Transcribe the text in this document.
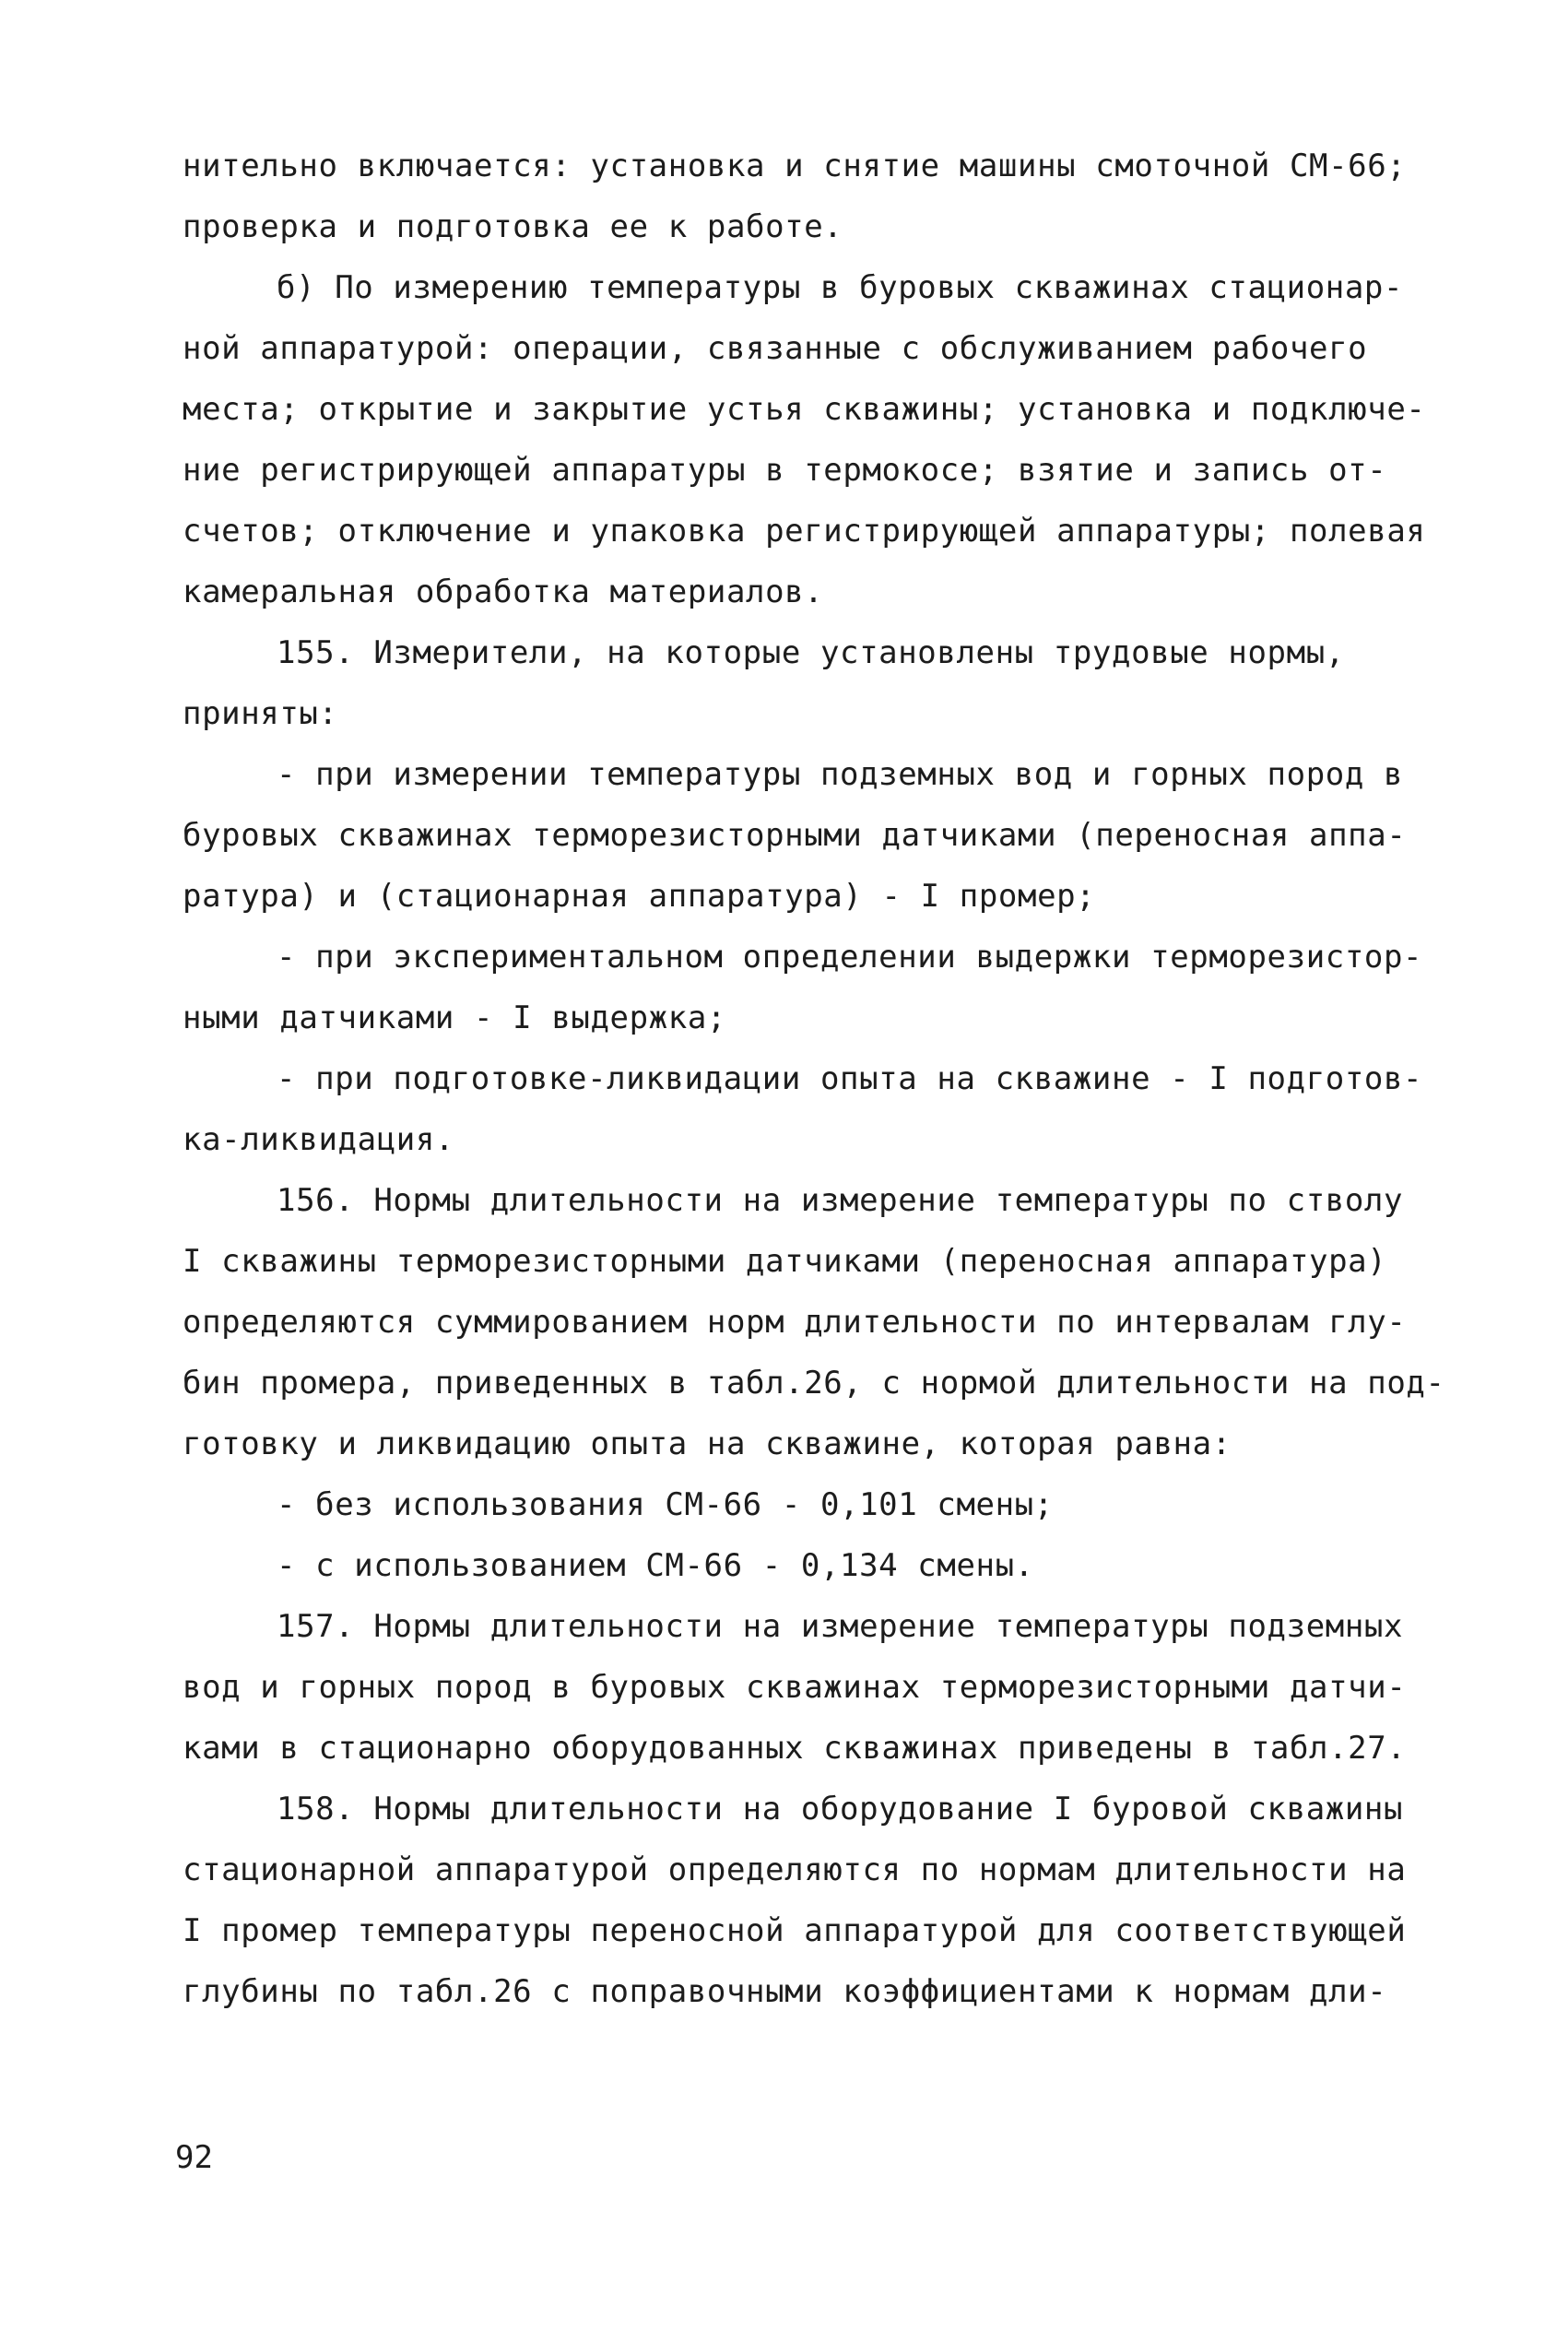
нительно включается: установка и снятие машины смоточной СМ-66;
проверка и подготовка ее к работе.
б) По измерению температуры в буровых скважинах стационар-
ной аппаратурой: операции, связанные с обслуживанием рабочего
места; открытие и закрытие устья скважины; установка и подключе-
ние регистрирующей аппаратуры в термокосе; взятие и запись от-
счетов; отключение и упаковка регистрирующей аппаратуры; полевая
камеральная обработка материалов.
155. Измерители, на которые установлены трудовые нормы,
приняты:
- при измерении температуры подземных вод и горных пород в
буровых скважинах терморезисторными датчиками (переносная аппа-
ратура) и (стационарная аппаратура) - I промер;
- при экспериментальном определении выдержки терморезистор-
ными датчиками - I выдержка;
- при подготовке-ликвидации опыта на скважине - I подготов-
ка-ликвидация.
156. Нормы длительности на измерение температуры по стволу
I скважины терморезисторными датчиками (переносная аппаратура)
определяются суммированием норм длительности по интервалам глу-
бин промера, приведенных в табл.26, с нормой длительности на под-
готовку и ликвидацию опыта на скважине, которая равна:
- без использования СМ-66 - 0,101 смены;
- с использованием СМ-66 - 0,134 смены.
157. Нормы длительности на измерение температуры подземных
вод и горных пород в буровых скважинах терморезисторными датчи-
ками в стационарно оборудованных скважинах приведены в табл.27.
158. Нормы длительности на оборудование I буровой скважины
стационарной аппаратурой определяются по нормам длительности на
I промер температуры переносной аппаратурой для соответствующей
глубины по табл.26 с поправочными коэффициентами к нормам дли-
92
